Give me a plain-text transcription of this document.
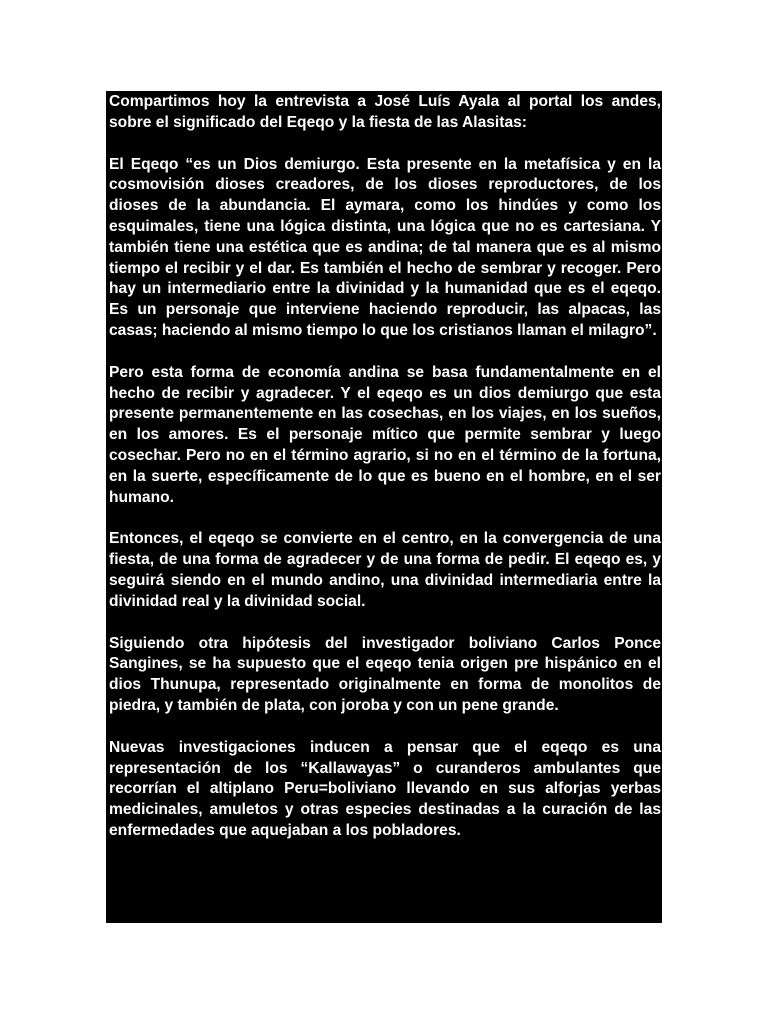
Compartimos hoy la entrevista a José Luís Ayala al portal los andes, sobre el significado del Eqeqo y la fiesta de las Alasitas:

El Eqeqo “es un Dios demiurgo. Esta presente en la metafísica y en la cosmovisión dioses creadores, de los dioses reproductores, de los dioses de la abundancia. El aymara, como los hindúes y como los esquimales, tiene una lógica distinta, una lógica que no es cartesiana. Y también tiene una estética que es andina; de tal manera que es al mismo tiempo el recibir y el dar. Es también el hecho de sembrar y recoger. Pero hay un intermediario entre la divinidad y la humanidad que es el eqeqo. Es un personaje que interviene haciendo reproducir, las alpacas, las casas; haciendo al mismo tiempo lo que los cristianos llaman el milagro”.

Pero esta forma de economía andina se basa fundamentalmente en el hecho de recibir y agradecer. Y el eqeqo es un dios demiurgo que esta presente permanentemente en las cosechas, en los viajes, en los sueños, en los amores. Es el personaje mítico que permite sembrar y luego cosechar. Pero no en el término agrario, si no en el término de la fortuna, en la suerte, específicamente de lo que es bueno en el hombre, en el ser humano.

Entonces, el eqeqo se convierte en el centro, en la convergencia de una fiesta, de una forma de agradecer y de una forma de pedir. El eqeqo es, y seguirá siendo en el mundo andino, una divinidad intermediaria entre la divinidad real y la divinidad social.

Siguiendo otra hipótesis del investigador boliviano Carlos Ponce Sangines, se ha supuesto que el eqeqo tenia origen pre hispánico en el dios Thunupa, representado originalmente en forma de monolitos de piedra, y también de plata, con joroba y con un pene grande.

Nuevas investigaciones inducen a pensar que el eqeqo es una representación de los “Kallawayas” o curanderos ambulantes que recorrían el altiplano Peru=boliviano llevando en sus alforjas yerbas medicinales, amuletos y otras especies destinadas a la curación de las enfermedades que aquejaban a los pobladores.
